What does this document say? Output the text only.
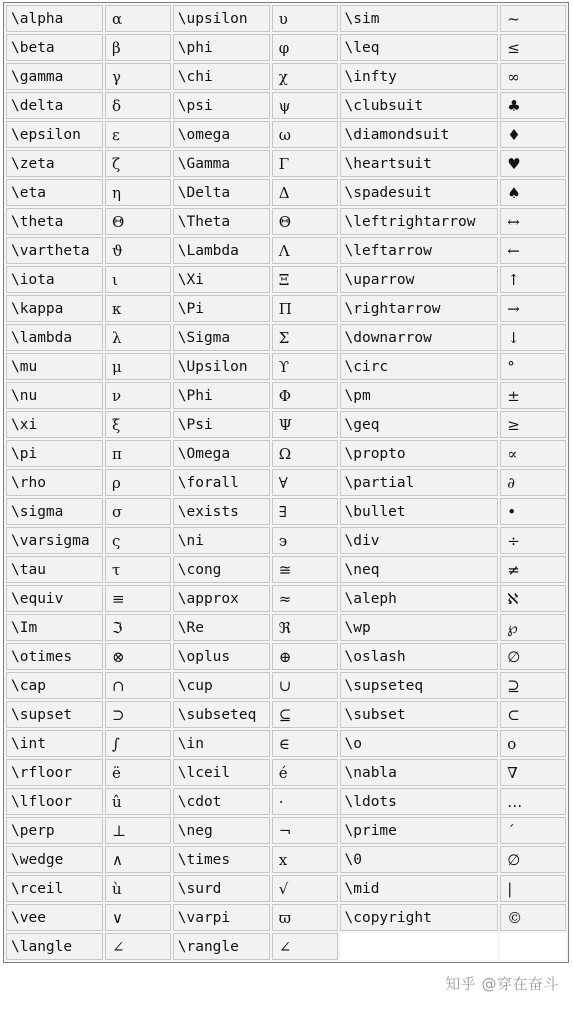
\alpha	α	\upsilon	υ	\sim	~
\beta	β	\phi	φ	\leq	≤
\gamma	γ	\chi	χ	\infty	∞
\delta	δ	\psi	ψ	\clubsuit	♣
\epsilon	ε	\omega	ω	\diamondsuit	♦
\zeta	ζ	\Gamma	Γ	\heartsuit	♥
\eta	η	\Delta	Δ	\spadesuit	♠
\theta	Θ	\Theta	Θ	\leftrightarrow	↔
\vartheta	ϑ	\Lambda	Λ	\leftarrow	←
\iota	ι	\Xi	Ξ	\uparrow	↑
\kappa	κ	\Pi	Π	\rightarrow	→
\lambda	λ	\Sigma	Σ	\downarrow	↓
\mu	μ	\Upsilon	ϒ	\circ	°
\nu	ν	\Phi	Φ	\pm	±
\xi	ξ	\Psi	Ψ	\geq	≥
\pi	π	\Omega	Ω	\propto	∝
\rho	ρ	\forall	∀	\partial	∂
\sigma	σ	\exists	∃	\bullet	•
\varsigma	ς	\ni	϶	\div	÷
\tau	τ	\cong	≅	\neq	≠
\equiv	≡	\approx	≈	\aleph	ℵ
\Im	ℑ	\Re	ℜ	\wp	℘
\otimes	⊗	\oplus	⊕	\oslash	∅
\cap	∩	\cup	∪	\supseteq	⊇
\supset	⊃	\subseteq	⊆	\subset	⊂
\int	∫	\in	∈	\o	ο
\rfloor	ë	\lceil	é	\nabla	∇
\lfloor	û	\cdot	·	\ldots	…
\perp	⊥	\neg	¬	\prime	´
\wedge	∧	\times	x	\0	∅
\rceil	ù	\surd	√	\mid	|
\vee	∨	\varpi	ϖ	\copyright	©
\langle	∠	\rangle	∠		
知乎 @穿在奋斗
